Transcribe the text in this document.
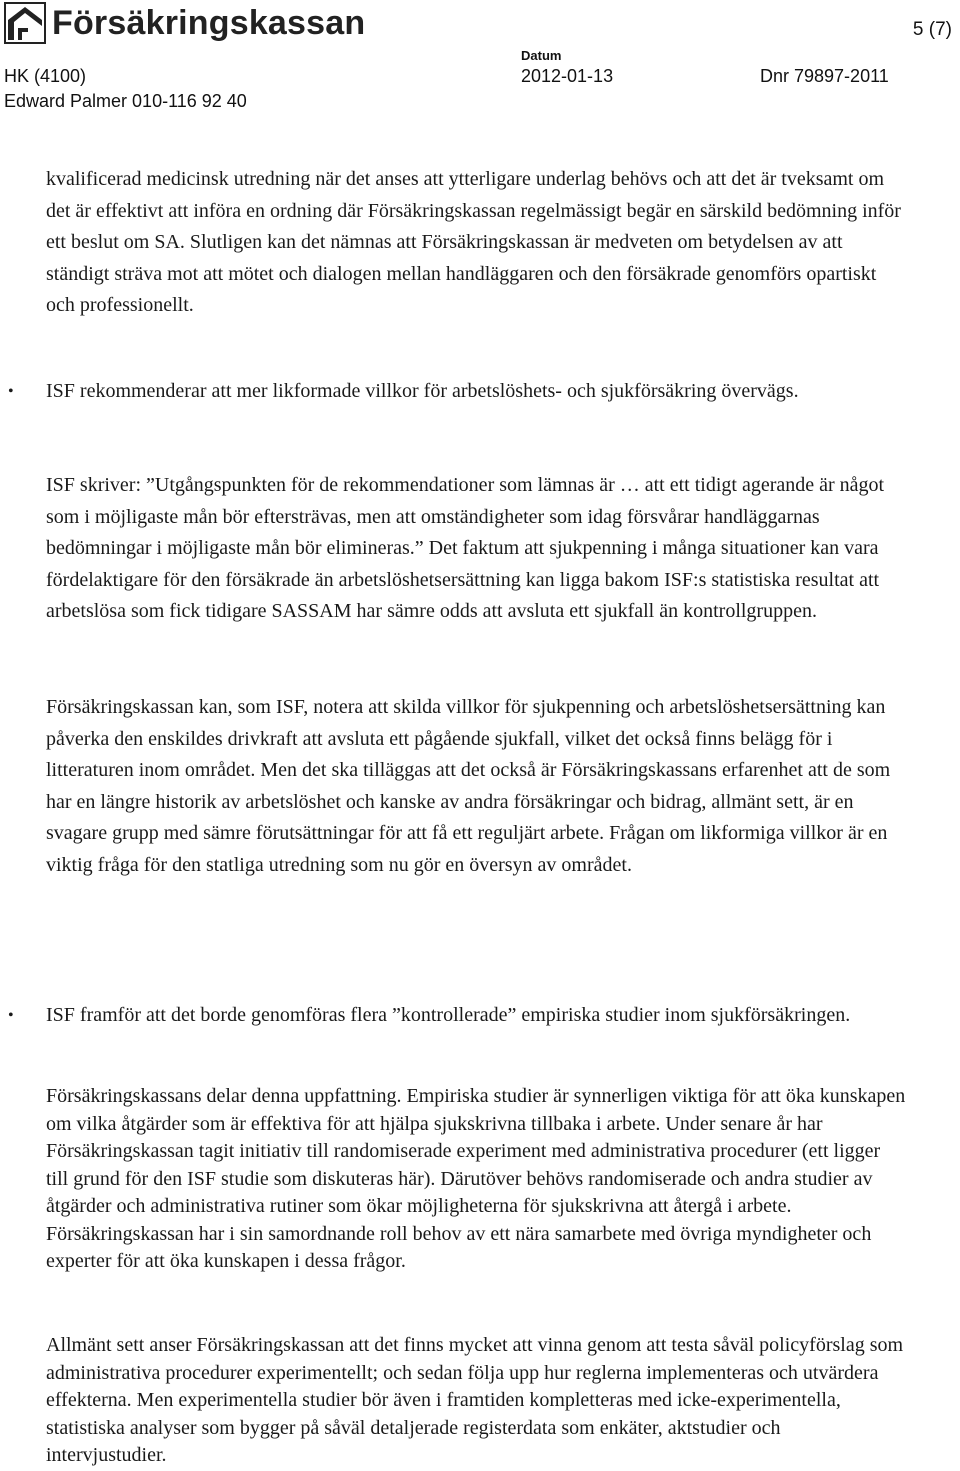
Försäkringskassan	5 (7)
HK (4100)
Edward Palmer 010-116 92 40
Datum
2012-01-13	Dnr 79897-2011

kvalificerad medicinsk utredning när det anses att ytterligare underlag behövs och att det är tveksamt om det är effektivt att införa en ordning där Försäkringskassan regelmässigt begär en särskild bedömning inför ett beslut om SA. Slutligen kan det nämnas att Försäkringskassan är medveten om betydelsen av att ständigt sträva mot att mötet och dialogen mellan handläggaren och den försäkrade genomförs opartiskt och professionellt.

• ISF rekommenderar att mer likformade villkor för arbetslöshets- och sjukförsäkring övervägs.

ISF skriver: ”Utgångspunkten för de rekommendationer som lämnas är … att ett tidigt agerande är något som i möjligaste mån bör eftersträvas, men att omständigheter som idag försvårar handläggarnas bedömningar i möjligaste mån bör elimineras.” Det faktum att sjukpenning i många situationer kan vara fördelaktigare för den försäkrade än arbetslöshetsersättning kan ligga bakom ISF:s statistiska resultat att arbetslösa som fick tidigare SASSAM har sämre odds att avsluta ett sjukfall än kontrollgruppen.

Försäkringskassan kan, som ISF, notera att skilda villkor för sjukpenning och arbetslöshetsersättning kan påverka den enskildes drivkraft att avsluta ett pågående sjukfall, vilket det också finns belägg för i litteraturen inom området. Men det ska tilläggas att det också är Försäkringskassans erfarenhet att de som har en längre historik av arbetslöshet och kanske av andra försäkringar och bidrag, allmänt sett, är en svagare grupp med sämre förutsättningar för att få ett reguljärt arbete. Frågan om likformiga villkor är en viktig fråga för den statliga utredning som nu gör en översyn av området.

• ISF framför att det borde genomföras flera ”kontrollerade” empiriska studier inom sjukförsäkringen.

Försäkringskassans delar denna uppfattning. Empiriska studier är synnerligen viktiga för att öka kunskapen om vilka åtgärder som är effektiva för att hjälpa sjukskrivna tillbaka i arbete. Under senare år har Försäkringskassan tagit initiativ till randomiserade experiment med administrativa procedurer (ett ligger till grund för den ISF studie som diskuteras här). Därutöver behövs randomiserade och andra studier av åtgärder och administrativa rutiner som ökar möjligheterna för sjukskrivna att återgå i arbete. Försäkringskassan har i sin samordnande roll behov av ett nära samarbete med övriga myndigheter och experter för att öka kunskapen i dessa frågor.

Allmänt sett anser Försäkringskassan att det finns mycket att vinna genom att testa såväl policyförslag som administrativa procedurer experimentellt; och sedan följa upp hur reglerna implementeras och utvärdera effekterna. Men experimentella studier bör även i framtiden kompletteras med icke-experimentella, statistiska analyser som bygger på såväl detaljerade registerdata som enkäter, aktstudier och intervjustudier.
